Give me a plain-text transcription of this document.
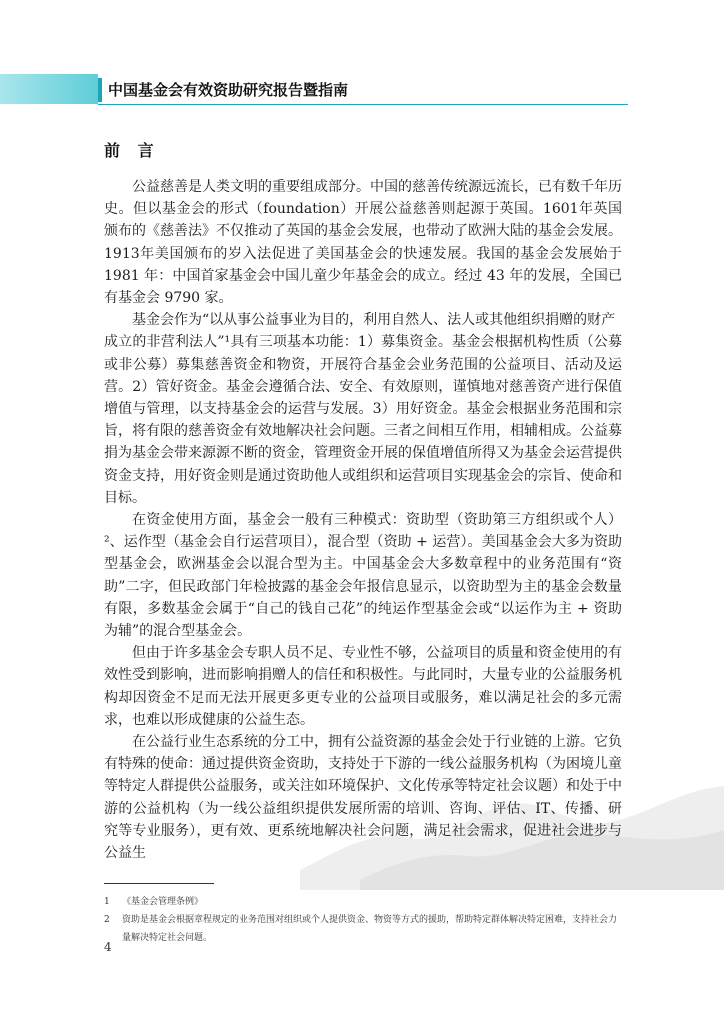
中国基金会有效资助研究报告暨指南
前 言

公益慈善是人类文明的重要组成部分。中国的慈善传统源远流长，已有数千年历史。但以基金会的形式（foundation）开展公益慈善则起源于英国。1601年英国颁布的《慈善法》不仅推动了英国的基金会发展，也带动了欧洲大陆的基金会发展。1913年美国颁布的岁入法促进了美国基金会的快速发展。我国的基金会发展始于 1981 年：中国首家基金会中国儿童少年基金会的成立。经过 43 年的发展，全国已有基金会 9790 家。

基金会作为“以从事公益事业为目的，利用自然人、法人或其他组织捐赠的财产

成立的非营利法人”¹具有三项基本功能：1）募集资金。基金会根据机构性质（公募或非公募）募集慈善资金和物资，开展符合基金会业务范围的公益项目、活动及运营。2）管好资金。基金会遵循合法、安全、有效原则，谨慎地对慈善资产进行保值增值与管理，以支持基金会的运营与发展。3）用好资金。基金会根据业务范围和宗旨，将有限的慈善资金有效地解决社会问题。三者之间相互作用，相辅相成。公益募捐为基金会带来源源不断的资金，管理资金开展的保值增值所得又为基金会运营提供资金支持，用好资金则是通过资助他人或组织和运营项目实现基金会的宗旨、使命和目标。

在资金使用方面，基金会一般有三种模式：资助型（资助第三方组织或个人）²、运作型（基金会自行运营项目），混合型（资助 + 运营）。美国基金会大多为资助型基金会，欧洲基金会以混合型为主。中国基金会大多数章程中的业务范围有“资助”二字，但民政部门年检披露的基金会年报信息显示，以资助型为主的基金会数量有限，多数基金会属于“自己的钱自己花”的纯运作型基金会或“以运作为主 + 资助为辅”的混合型基金会。

但由于许多基金会专职人员不足、专业性不够，公益项目的质量和资金使用的有效性受到影响，进而影响捐赠人的信任和积极性。与此同时，大量专业的公益服务机构却因资金不足而无法开展更多更专业的公益项目或服务，难以满足社会的多元需求，也难以形成健康的公益生态。

在公益行业生态系统的分工中，拥有公益资源的基金会处于行业链的上游。它负有特殊的使命：通过提供资金资助，支持处于下游的一线公益服务机构（为困境儿童等特定人群提供公益服务，或关注如环境保护、文化传承等特定社会议题）和处于中游的公益机构（为一线公益组织提供发展所需的培训、咨询、评估、IT、传播、研究等专业服务），更有效、更系统地解决社会问题，满足社会需求，促进社会进步与公益生

1	《基金会管理条例》
2	资助是基金会根据章程规定的业务范围对组织或个人提供资金、物资等方式的援助，帮助特定群体解决特定困难，支持社会力量解决特定社会问题。
4
